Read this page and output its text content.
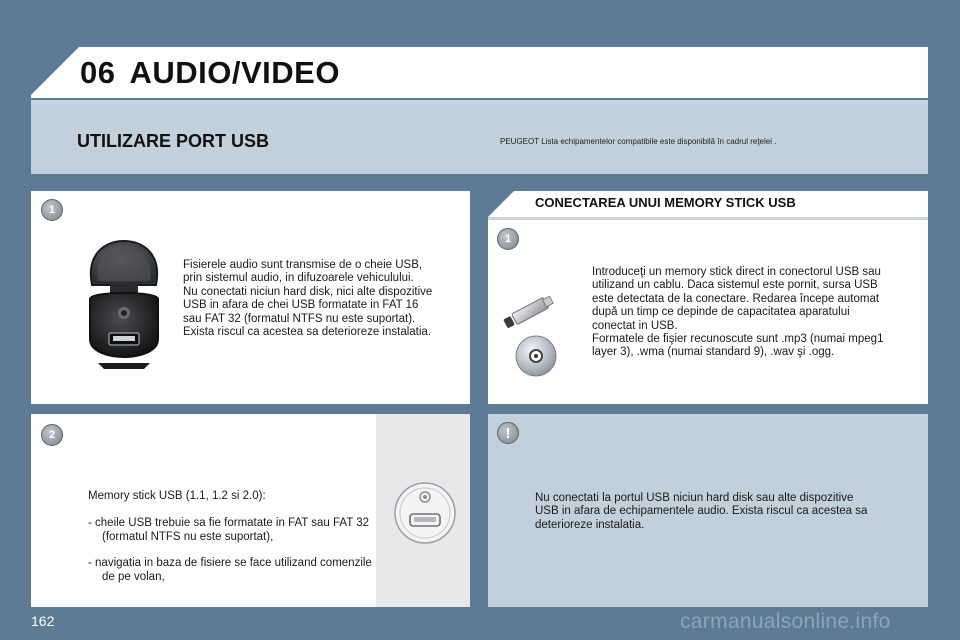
06 AUDIO/VIDEO
UTILIZARE PORT USB	PEUGEOT Lista echipamentelor compatibile este disponibilă în cadrul reţelei .
1
Fisierele audio sunt transmise de o cheie USB,
prin sistemul audio, in difuzoarele vehiculului.
Nu conectati niciun hard disk, nici alte dispozitive
USB in afara de chei USB formatate in FAT 16
sau FAT 32 (formatul NTFS nu este suportat).
Exista riscul ca acestea sa deterioreze instalatia.
2

Memory stick USB (1.1, 1.2 si 2.0):

- cheile USB trebuie sa fie formatate in FAT sau FAT 32 (formatul NTFS nu este suportat),

- navigatia in baza de fisiere se face utilizand comenzile de pe volan,

CONECTAREA UNUI MEMORY STICK USB
1
Introduceţi un memory stick direct in conectorul USB sau
utilizand un cablu. Daca sistemul este pornit, sursa USB
este detectata de la conectare. Redarea începe automat
după un timp ce depinde de capacitatea aparatului
conectat in USB.
Formatele de fişier recunoscute sunt .mp3 (numai mpeg1
layer 3), .wma (numai standard 9), .wav şi .ogg.
!
Nu conectati la portul USB niciun hard disk sau alte dispozitive
USB in afara de echipamentele audio. Exista riscul ca acestea sa
deterioreze instalatia.
162	carmanualsonline.info
